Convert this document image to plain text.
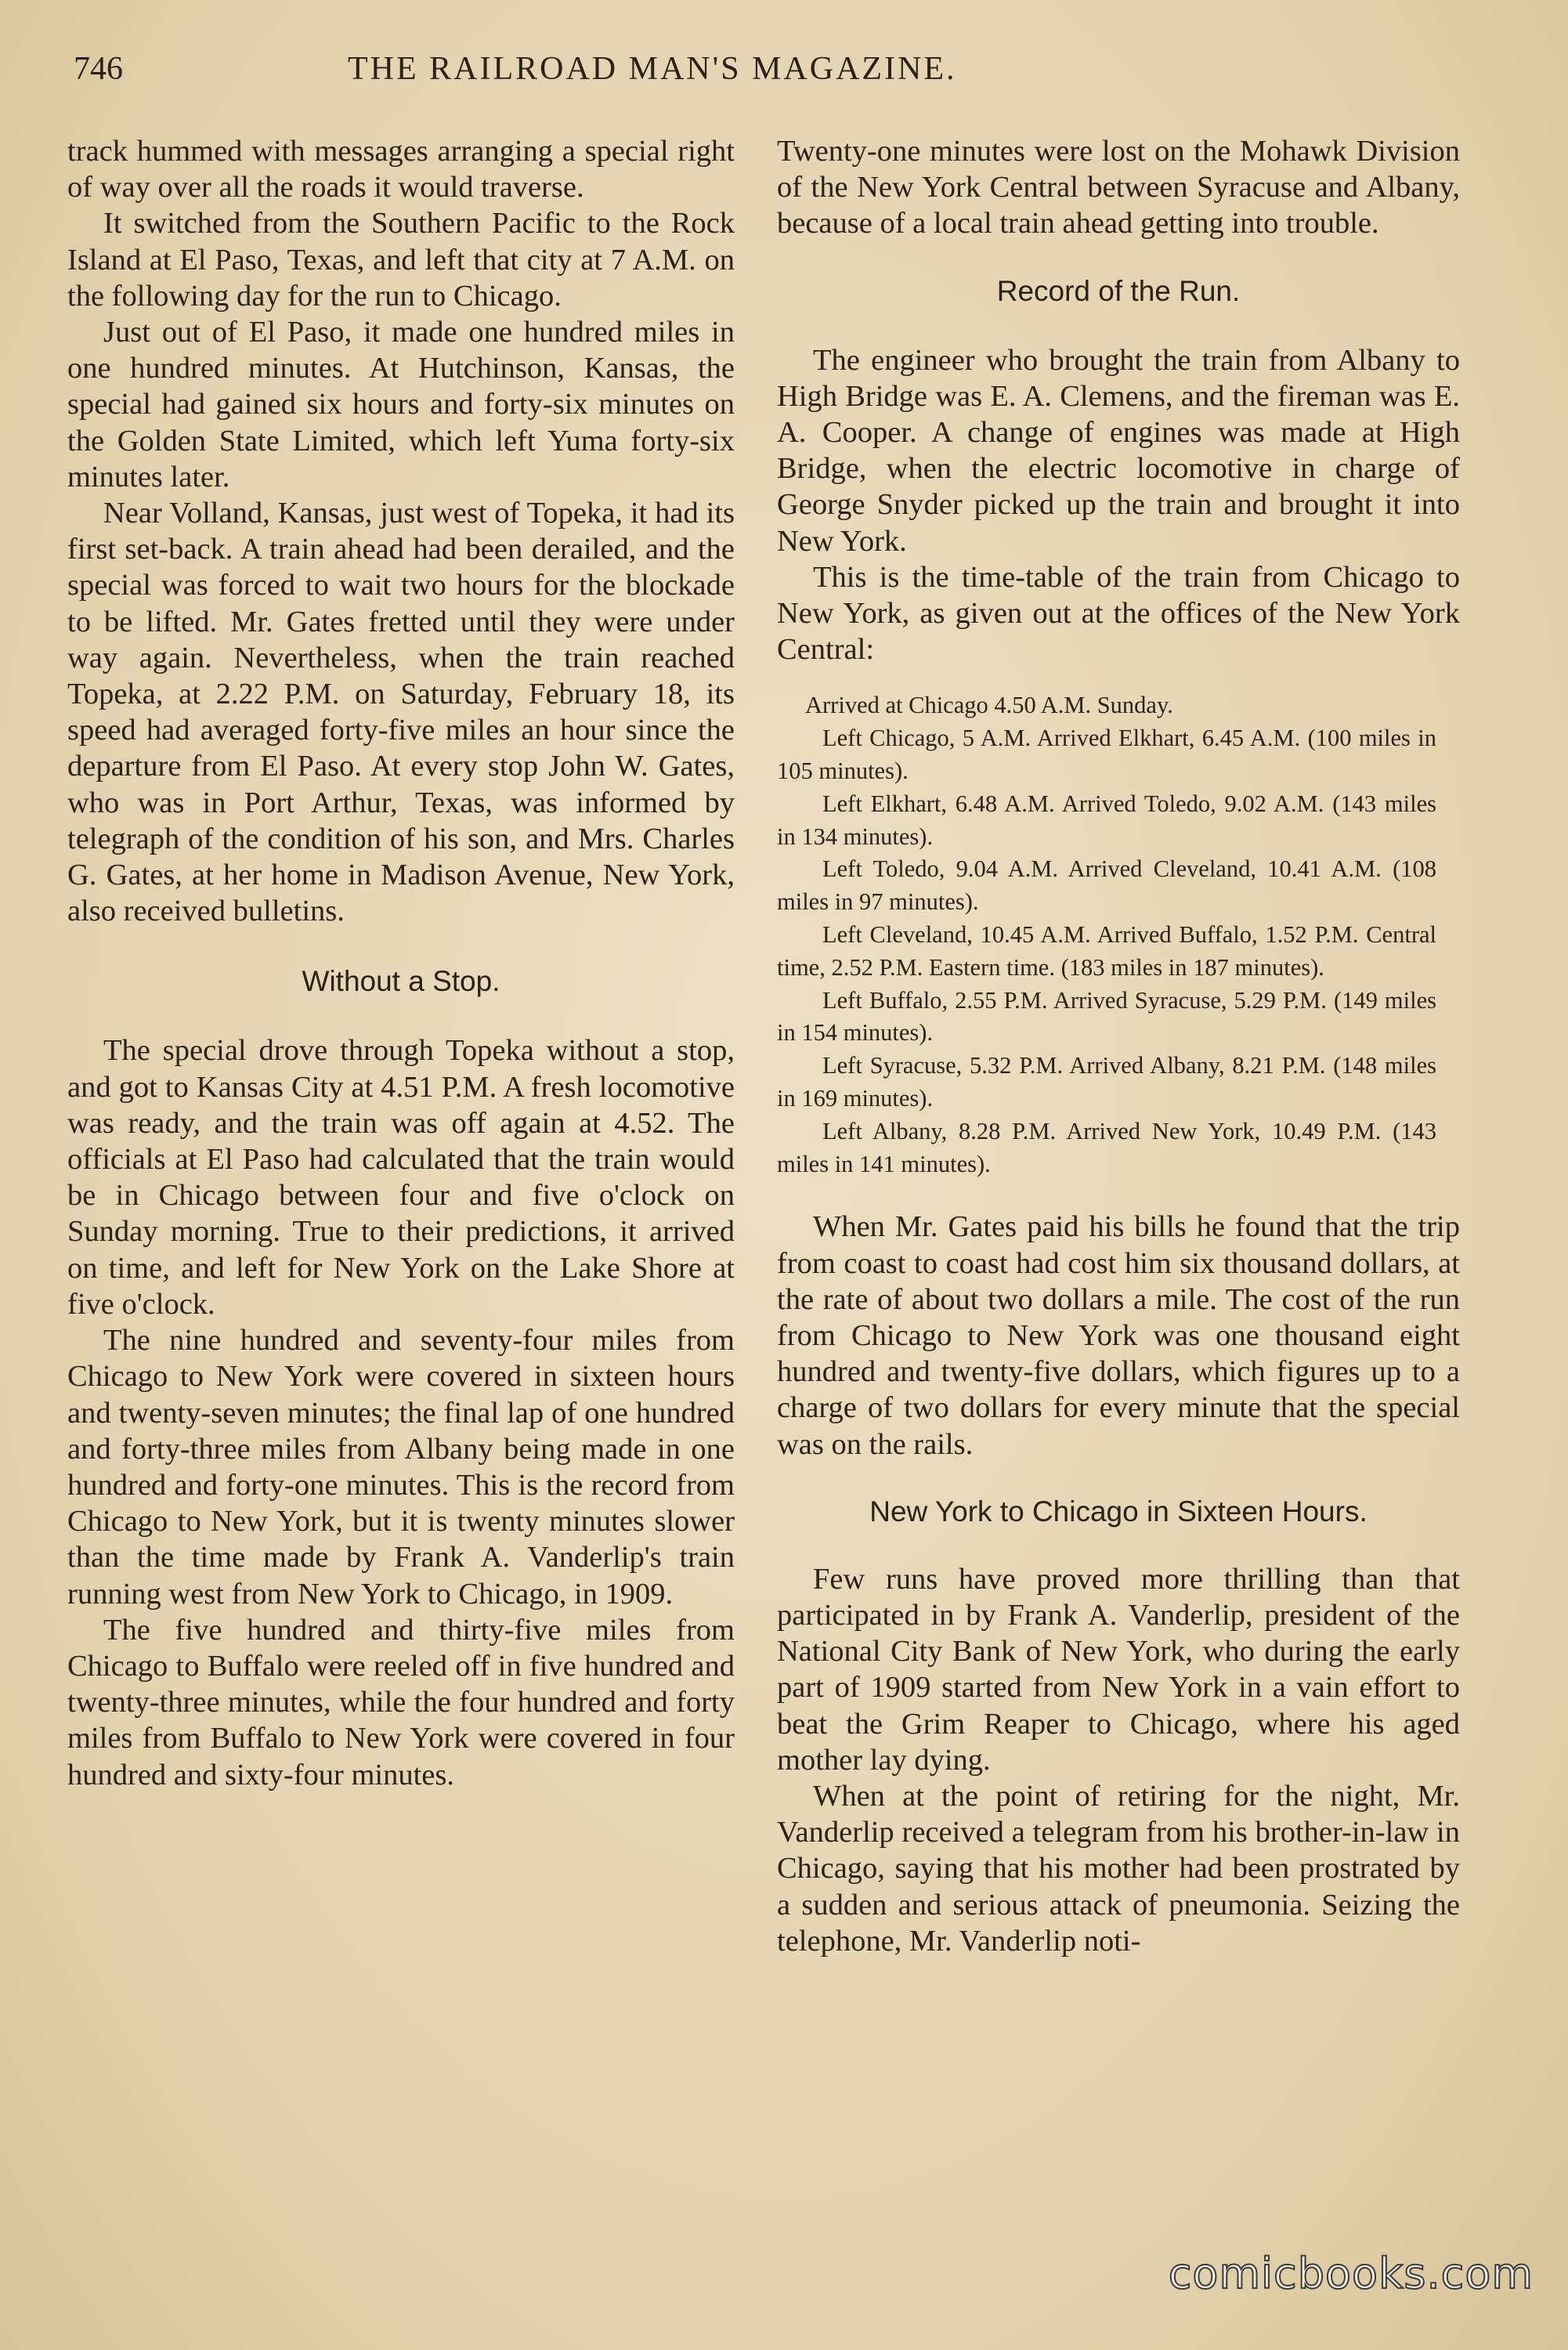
746	THE RAILROAD MAN'S MAGAZINE.

track hummed with messages arranging a special right of way over all the roads it would traverse.

It switched from the Southern Pacific to the Rock Island at El Paso, Texas, and left that city at 7 A.M. on the following day for the run to Chicago.

Just out of El Paso, it made one hundred miles in one hundred minutes. At Hutchinson, Kansas, the special had gained six hours and forty-six minutes on the Golden State Limited, which left Yuma forty-six minutes later.

Near Volland, Kansas, just west of Topeka, it had its first set-back. A train ahead had been derailed, and the special was forced to wait two hours for the blockade to be lifted. Mr. Gates fretted until they were under way again. Nevertheless, when the train reached Topeka, at 2.22 P.M. on Saturday, February 18, its speed had averaged forty-five miles an hour since the departure from El Paso. At every stop John W. Gates, who was in Port Arthur, Texas, was informed by telegraph of the condition of his son, and Mrs. Charles G. Gates, at her home in Madison Avenue, New York, also received bulletins.

Without a Stop.

The special drove through Topeka without a stop, and got to Kansas City at 4.51 P.M. A fresh locomotive was ready, and the train was off again at 4.52. The officials at El Paso had calculated that the train would be in Chicago between four and five o'clock on Sunday morning. True to their predictions, it arrived on time, and left for New York on the Lake Shore at five o'clock.

The nine hundred and seventy-four miles from Chicago to New York were covered in sixteen hours and twenty-seven minutes; the final lap of one hundred and forty-three miles from Albany being made in one hundred and forty-one minutes. This is the record from Chicago to New York, but it is twenty minutes slower than the time made by Frank A. Vanderlip's train running west from New York to Chicago, in 1909.

The five hundred and thirty-five miles from Chicago to Buffalo were reeled off in five hundred and twenty-three minutes, while the four hundred and forty miles from Buffalo to New York were covered in four hundred and sixty-four minutes.

Twenty-one minutes were lost on the Mohawk Division of the New York Central between Syracuse and Albany, because of a local train ahead getting into trouble.

Record of the Run.

The engineer who brought the train from Albany to High Bridge was E. A. Clemens, and the fireman was E. A. Cooper. A change of engines was made at High Bridge, when the electric locomotive in charge of George Snyder picked up the train and brought it into New York.

This is the time-table of the train from Chicago to New York, as given out at the offices of the New York Central:

Arrived at Chicago 4.50 A.M. Sunday.

Left Chicago, 5 A.M. Arrived Elkhart, 6.45 A.M. (100 miles in 105 minutes).

Left Elkhart, 6.48 A.M. Arrived Toledo, 9.02 A.M. (143 miles in 134 minutes).

Left Toledo, 9.04 A.M. Arrived Cleveland, 10.41 A.M. (108 miles in 97 minutes).

Left Cleveland, 10.45 A.M. Arrived Buffalo, 1.52 P.M. Central time, 2.52 P.M. Eastern time. (183 miles in 187 minutes).

Left Buffalo, 2.55 P.M. Arrived Syracuse, 5.29 P.M. (149 miles in 154 minutes).

Left Syracuse, 5.32 P.M. Arrived Albany, 8.21 P.M. (148 miles in 169 minutes).

Left Albany, 8.28 P.M. Arrived New York, 10.49 P.M. (143 miles in 141 minutes).

When Mr. Gates paid his bills he found that the trip from coast to coast had cost him six thousand dollars, at the rate of about two dollars a mile. The cost of the run from Chicago to New York was one thousand eight hundred and twenty-five dollars, which figures up to a charge of two dollars for every minute that the special was on the rails.

New York to Chicago in Sixteen Hours.

Few runs have proved more thrilling than that participated in by Frank A. Vanderlip, president of the National City Bank of New York, who during the early part of 1909 started from New York in a vain effort to beat the Grim Reaper to Chicago, where his aged mother lay dying.

When at the point of retiring for the night, Mr. Vanderlip received a telegram from his brother-in-law in Chicago, saying that his mother had been prostrated by a sudden and serious attack of pneumonia. Seizing the telephone, Mr. Vanderlip noti-

comicbooks.com
